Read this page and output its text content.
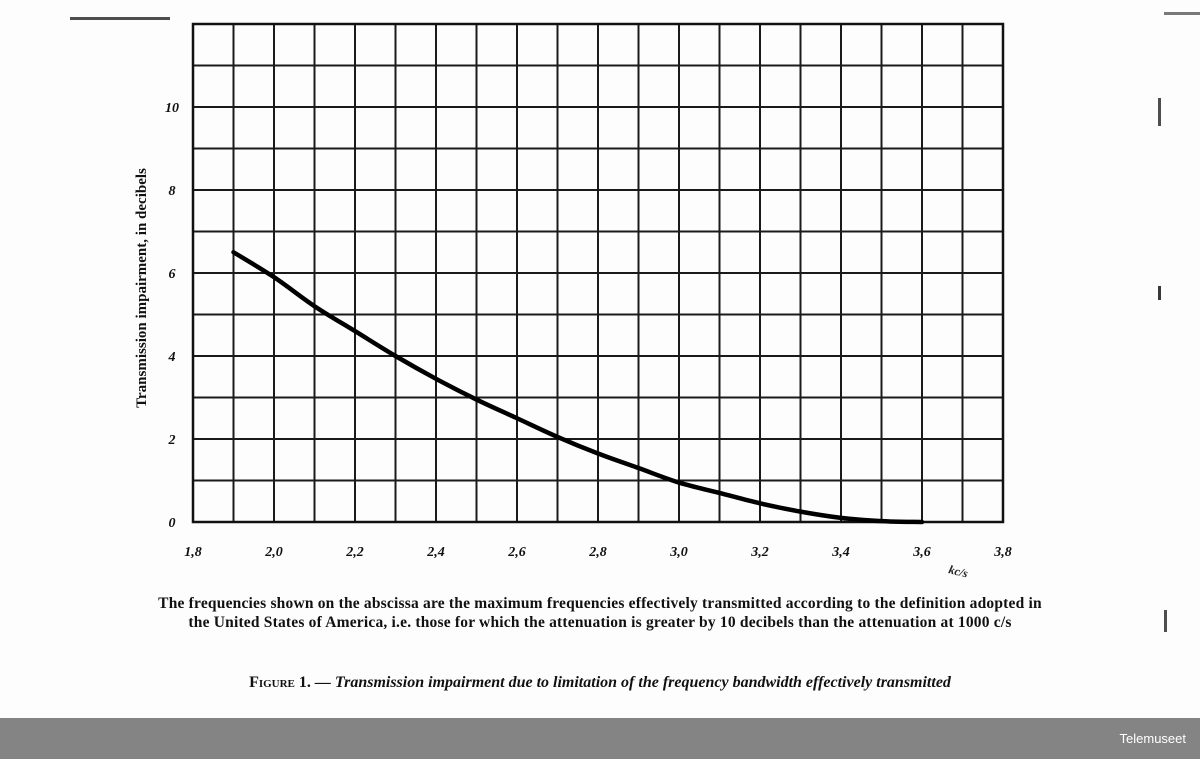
1,8	2,0	2,2	2,4	2,6	2,8	3,0	3,2	3,4	3,6	3,8
0
2
4
6
8
10
Transmission impairment, in decibels
kc/s
The frequencies shown on the abscissa are the maximum frequencies effectively transmitted according to the definition adopted in the United States of America, i.e. those for which the attenuation is greater by 10 decibels than the attenuation at 1000 c/s
Figure 1. — Transmission impairment due to limitation of the frequency bandwidth effectively transmitted
Telemuseet
